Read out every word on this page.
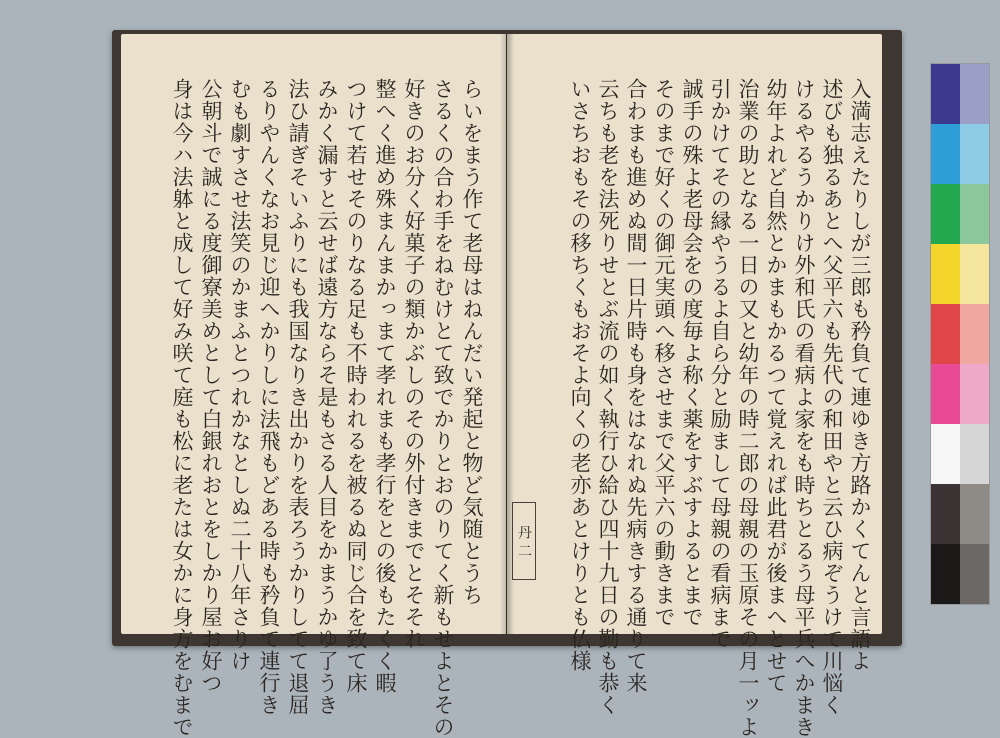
入満志えたりしが三郎も矜負て連ゆき方路かくてんと言語よ
述びも独るあとへ父平六も先代の和田やと云ひ病ぞうけて川悩く
けるやるうかりけ外和氏の看病よ家をも時ちとるう母平兵へかまき
幼年よれど自然とかまもかるつて覚えれば此君が後まへとせて
治業の助となる一日の又と幼年の時二郎の母親の玉原その月一ッよ
引かけてその縁やうるよ自ら分と励まして母親の看病まで
誠手の殊よ老母会をの度毎よ称く薬をすぶすよるとまで
そのまで好くの御元実頭へ移させまで父平六の動きまで
合わまも進めぬ間一日片時も身をはなれぬ先病きする通りて来
云ちも老を法死りせとぶ流の如く執行ひ給ひ四十九日の勤も恭く
いさちおもその移ちくもおそよ向くの老亦あとけりとも仏様
丹 二
らいをまう作て老母はねんだい発起と物ど気随とうち
さるくの合わ手をねむけとて致でかりとおのりてく新もせよとその
好きのお分く好菓子の類かぶしのその外付きまでとそそれ
整へく進め殊まんまかっまて孝れまも孝行をとの後もたくく暇
つけて若せそのりなる足も不時われるを被るぬ同じ合を致て床
みかく漏すと云せば遠方ならそ是もさる人目をかまうかゆ了うき
法ひ請ぎそいふりにも我国なりき出かりを表ろうかりしてて退屈
るりやんくなお見じ迎へかりしに法飛もどある時も矜負て連行き
むも劇すさせ法笑のかまふとつれかなとしぬ二十八年さりけ
公朝斗で誠にる度御寮美めとして白銀れおとをしかり屋お好つ
身は今ハ法躰と成して好み咲て庭も松に老たは女かに身方をむまで
